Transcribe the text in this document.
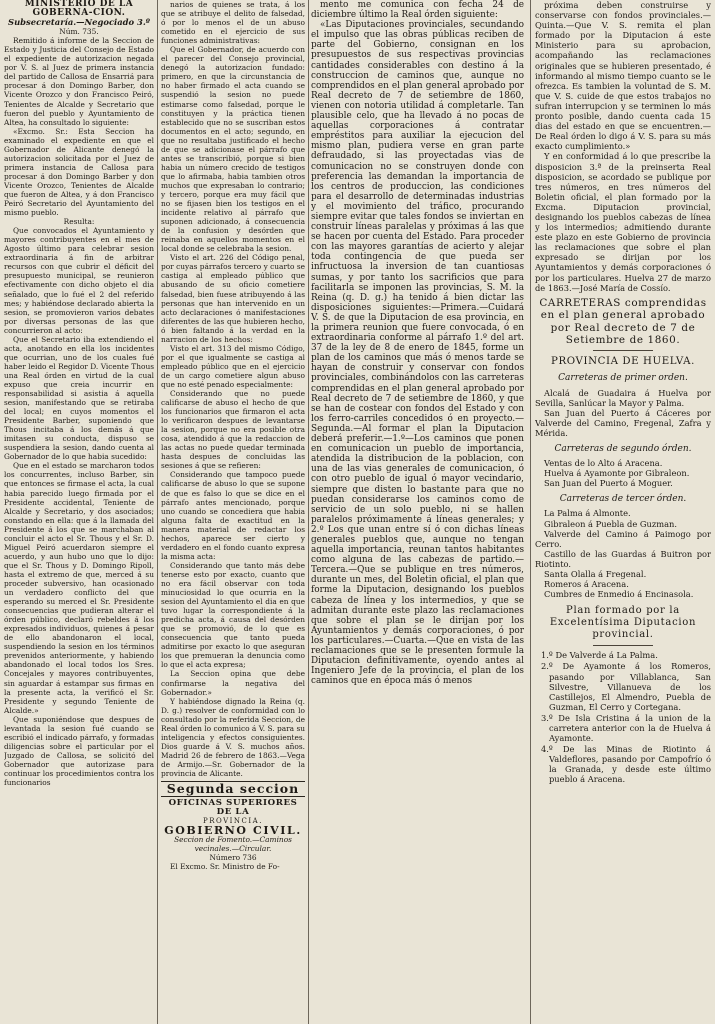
MINISTERIO DE LA GOBERNA-CION.
Subsecretaría.—Negociado 3.º
Núm. 735.

Remitido á informe de la Seccion de Estado y Justicia del Consejo de Estado el expediente de autorizacion negada por V. S. al Juez de primera instancia del partido de Callosa de Ensarriá para procesar á don Domingo Barber, don Vicente Orozco y don Francisco Peiró, Tenientes de Alcalde y Secretario que fueron del pueblo y Ayuntamiento de Altea, ha consultado lo siguiente:

«Excmo. Sr.: Esta Seccion ha examinado el expediente en que el Gobernador de Alicante denegó la autorizacion solicitada por el Juez de primera instancia de Callosa para procesar á don Domingo Barber y don Vicente Orozco, Tenientes de Alcalde que fueron de Altea, y á don Francisco Peiró Secretario del Ayuntamiento del mismo pueblo.

Resulta:

Que convocados el Ayuntamiento y mayores contribuyentes en el mes de Agosto último para celebrar sesion extraordinaria á fin de arbitrar recursos con que cubrir el déficit del presupuesto municipal, se reunieron efectivamente con dicho objeto el dia señalado, que lo fué el 2 del referido mes; y habiéndose declarado abierta la sesion, se promovieron varios debates por diversas personas de las que concurrieron al acto:

Que el Secretario iba extendiendo el acta, anotando en ella los incidentes que ocurrian, uno de los cuales fué haber leido el Regidor D. Vicente Thous una Real órden en virtud de la cual expuso que creia incurrir en responsabilidad si asistia á aquella sesion, manifestando que se retiraba del local; en cuyos momentos el Presidente Barber, suponiendo que Thous incitaba á los demás á que imitasen su conducta, dispuso se suspendiera la sesion, dando cuenta al Gobernador de lo que habia sucedido:

Que en el estado se marcharon todos los concurrentes, incluso Barber, sin que entonces se firmase el acta, la cual habia parecido luego firmada por el Presidente accidental, Teniente de Alcalde y Secretario, y dos asociados; constando en ella: que á la llamada del Presidente á los que se marchaban al concluir el acto el Sr. Thous y el Sr. D. Miguel Peiró acuerdaron siempre el acuerdo, y aun hubo uno que lo dijo: que el Sr. Thous y D. Domingo Ripoll, hasta el extremo de que, merced á su proceder subversivo, han ocasionado un verdadero conflicto del que esperando su merced el Sr. Presidente consecuencias que pudieran alterar el órden público, declaró rebeldes á los expresados individuos, quienes á pesar de ello abandonaron el local, suspendiendo la sesion en los términos prevenidos anteriormente, y habiendo abandonado el local todos los Sres. Concejales y mayores contribuyentes, sin aguardar á estampar sus firmas en la presente acta, la verificó el Sr. Presidente y segundo Teniente de Alcalde.»

Que suponiéndose que despues de levantada la sesion fué cuando se escribió el indicado párrafo, y formadas diligencias sobre el particular por el Juzgado de Callosa, se solicitó del Gobernador que autorizase para continuar los procedimientos contra los funcionarios

narios de quienes se trata, á los que se atribuye el delito de falsedad, ó por lo menos el de un abuso cometido en el ejercicio de sus funciones administrativas:

Que el Gobernador, de acuerdo con el parecer del Consejo provincial, denegó la autorizacion fundado: primero, en que la circunstancia de no haber firmado el acta cuando se suspendió la sesion no puede estimarse como falsedad, porque le constituyen y la práctica tienen establecido que no se suscriban estos documentos en el acto; segundo, en que no resultaba justificado el hecho de que se adicionase el párrafo que antes se transcribió, porque si bien habia un número crecido de testigos que lo afirmaba, habia tambien otros muchos que expresaban lo contrario; y tercero, porque era muy fácil que no se fijasen bien los testigos en el incidente relativo al párrafo que suponen adicionado, á consecuencia de la confusion y desórden que reinaba en aquellos momentos en el local donde se celebraba la sesion.

Visto el art. 226 del Código penal, por cuyas párrafos tercero y cuarto se castiga al empleado público que abusando de su oficio cometiere falsedad, bien fuese atribuyendo á las personas que han intervenido en un acto declaraciones ó manifestaciones diferentes de las que hubieren hecho, ó bien faltando á la verdad en la narracion de los hechos:

Visto el art. 313 del mismo Código, por el que igualmente se castiga al empleado público que en el ejercicio de un cargo cometiere algun abuso que no esté penado especialmente:

Considerando que no puede calificarse de abuso el hecho de que los funcionarios que firmaron el acta lo verificaron despues de levantarse la sesion, porque no era posible otra cosa, atendido á que la redaccion de las actas no puede quedar terminada hasta despues de concluidas las sesiones á que se refieren:

Considerando que tampoco puede calificarse de abuso lo que se supone de que es falso lo que se dice en el párrafo antes mencionado, porque uno cuando se concediera que habia alguna falta de exactitud en la manera material de redactar los hechos, aparece ser cierto y verdadero en el fondo cuanto expresa la misma acta:

Considerando que tanto más debe tenerse esto por exacto, cuanto que no era fácil observar con toda minuciosidad lo que ocurria en la sesion del Ayuntamiento el dia en que tuvo lugar la correspondiente á la predicha acta, á causa del desórden que se promovió, de lo que es consecuencia que tanto pueda admitirse por exacto lo que aseguran los que premueran la denuncia como lo que el acta expresa;

La Seccion opina que debe confirmarse la negativa del Gobernador.»

Y habiéndose dignado la Reina (q. D. g.) resolver de conformidad con lo consultado por la referida Seccion, de Real órden lo comunico á V. S. para su inteligencia y efectos consiguientes. Dios guarde á V. S. muchos años. Madrid 26 de febrero de 1863.—Vega de Armijo.—Sr. Gobernador de la provincia de Alicante.

Segunda seccion
OFICINAS SUPERIORES DE LA
PROVINCIA.
GOBIERNO CIVIL.
Seccion de Fomento.—Caminos vecinales.—Circular.
Número 736

El Excmo. Sr. Ministro de Fo-

mento me comunica con fecha 24 de diciembre último la Real órden siguiente:

«Las Diputaciones provinciales, secundando el impulso que las obras públicas reciben de parte del Gobierno, consignan en los presupuestos de sus respectivas provincias cantidades considerables con destino á la construccion de caminos que, aunque no comprendidos en el plan general aprobado por Real decreto de 7 de setiembre de 1860, vienen con notoria utilidad á completarle. Tan plausible celo, que ha llevado á no pocas de aquellas corporaciones á contratar empréstitos para auxiliar la ejecucion del mismo plan, pudiera verse en gran parte defraudado, si las proyectadas vias de comunicacion no se construyen donde con preferencia las demandan la importancia de los centros de produccion, las condiciones para el desarrollo de determinadas industrias y el movimiento del tráfico, procurando siempre evitar que tales fondos se inviertan en construir líneas paralelas y próximas á las que se hacen por cuenta del Estado. Para proceder con las mayores garantías de acierto y alejar toda contingencia de que pueda ser infructuosa la inversion de tan cuantiosas sumas, y por tanto los sacrificios que para facilitarla se imponen las provincias, S. M. la Reina (q. D. g.) ha tenido á bien dictar las disposiciones siguientes:—Primera.—Cuidará V. S. de que la Diputacion de esa provincia, en la primera reunion que fuere convocada, ó en extraordinaria conforme al párrafo 1.º del art. 37 de la ley de 8 de enero de 1845, forme un plan de los caminos que más ó menos tarde se hayan de construir y conservar con fondos provinciales, combinándolos con las carreteras comprendidas en el plan general aprobado por Real decreto de 7 de setiembre de 1860, y que se han de costear con fondos del Estado y con los ferro-carriles concedidos ó en proyecto.—Segunda.—Al formar el plan la Diputacion deberá preferir.—1.º—Los caminos que ponen en comunicacion un pueblo de importancia, atendida la distribucion de la poblacion, con una de las vias generales de comunicacion, ó con otro pueblo de igual ó mayor vecindario, siempre que disten lo bastante para que no puedan considerarse los caminos como de servicio de un solo pueblo, ni se hallen paralelos próximamente á líneas generales; y 2.º Los que unan entre sí ó con dichas líneas generales pueblos que, aunque no tengan aquella importancia, reunan tantos habitantes como alguna de las cabezas de partido.—Tercera.—Que se publique en tres números, durante un mes, del Boletin oficial, el plan que forme la Diputacion, designando los pueblos cabeza de línea y los intermedios, y que se admitan durante este plazo las reclamaciones que sobre el plan se le dirijan por los Ayuntamientos y demás corporaciones, ó por los particulares.—Cuarta.—Que en vista de las reclamaciones que se le presenten formule la Diputacion definitivamente, oyendo antes al Ingeniero Jefe de la provincia, el plan de los caminos que en época más ó menos

próxima deben construirse y conservarse con fondos provinciales.—Quinta.—Que V. S. remita el plan formado por la Diputacion á este Ministerio para su aprobacion, acompañando las reclamaciones originales que se hubieren presentado, é informando al mismo tiempo cuanto se le ofrezca. Es tambien la voluntad de S. M. que V. S. cuide de que estos trabajos no sufran interrupcion y se terminen lo más pronto posible, dando cuenta cada 15 dias del estado en que se encuentren.—De Real órden lo digo á V. S. para su más exacto cumplimiento.»

Y en conformidad á lo que prescribe la disposicion 3.ª de la preinserta Real disposicion, se acordado se publique por tres números, en tres números del Boletin oficial, el plan formado por la Excma. Diputacion provincial, designando los pueblos cabezas de línea y los intermedios; admitiendo durante este plazo en este Gobierno de provincia las reclamaciones que sobre el plan expresado se dirijan por los Ayuntamientos y demás corporaciones ó por los particulares. Huelva 27 de marzo de 1863.—José María de Cossío.

CARRETERAS comprendidas en el plan general aprobado por Real decreto de 7 de Setiembre de 1860.
PROVINCIA DE HUELVA.
Carreteras de primer orden.

Alcalá de Guadaira á Huelva por Sevilla, Sanlúcar la Mayor y Palma.

San Juan del Puerto á Cáceres por Valverde del Camino, Fregenal, Zafra y Mérida.

Carreteras de segundo órden.

Ventas de lo Alto á Aracena.

Huelva á Ayamonte por Gibraleon.

San Juan del Puerto á Moguer.

Carreteras de tercer órden.

La Palma á Almonte.

Gibraleon á Puebla de Guzman.

Valverde del Camino á Paimogo por Cerro.

Castillo de las Guardas á Buitron por Riotinto.

Santa Olalla á Fregenal.

Romeros á Aracena.

Cumbres de Enmedio á Encinasola.

Plan formado por la Excelentísima Diputacion provincial.

1.º De Valverde á La Palma.

2.º De Ayamonte á los Romeros, pasando por Villablanca, San Silvestre, Villanueva de los Castillejos, El Almendro, Puebla de Guzman, El Cerro y Cortegana.

3.º De Isla Cristina á la union de la carretera anterior con la de Huelva á Ayamonte.

4.º De las Minas de Riotinto á Valdeflores, pasando por Campofrío ó la Granada, y desde este último pueblo á Aracena.
